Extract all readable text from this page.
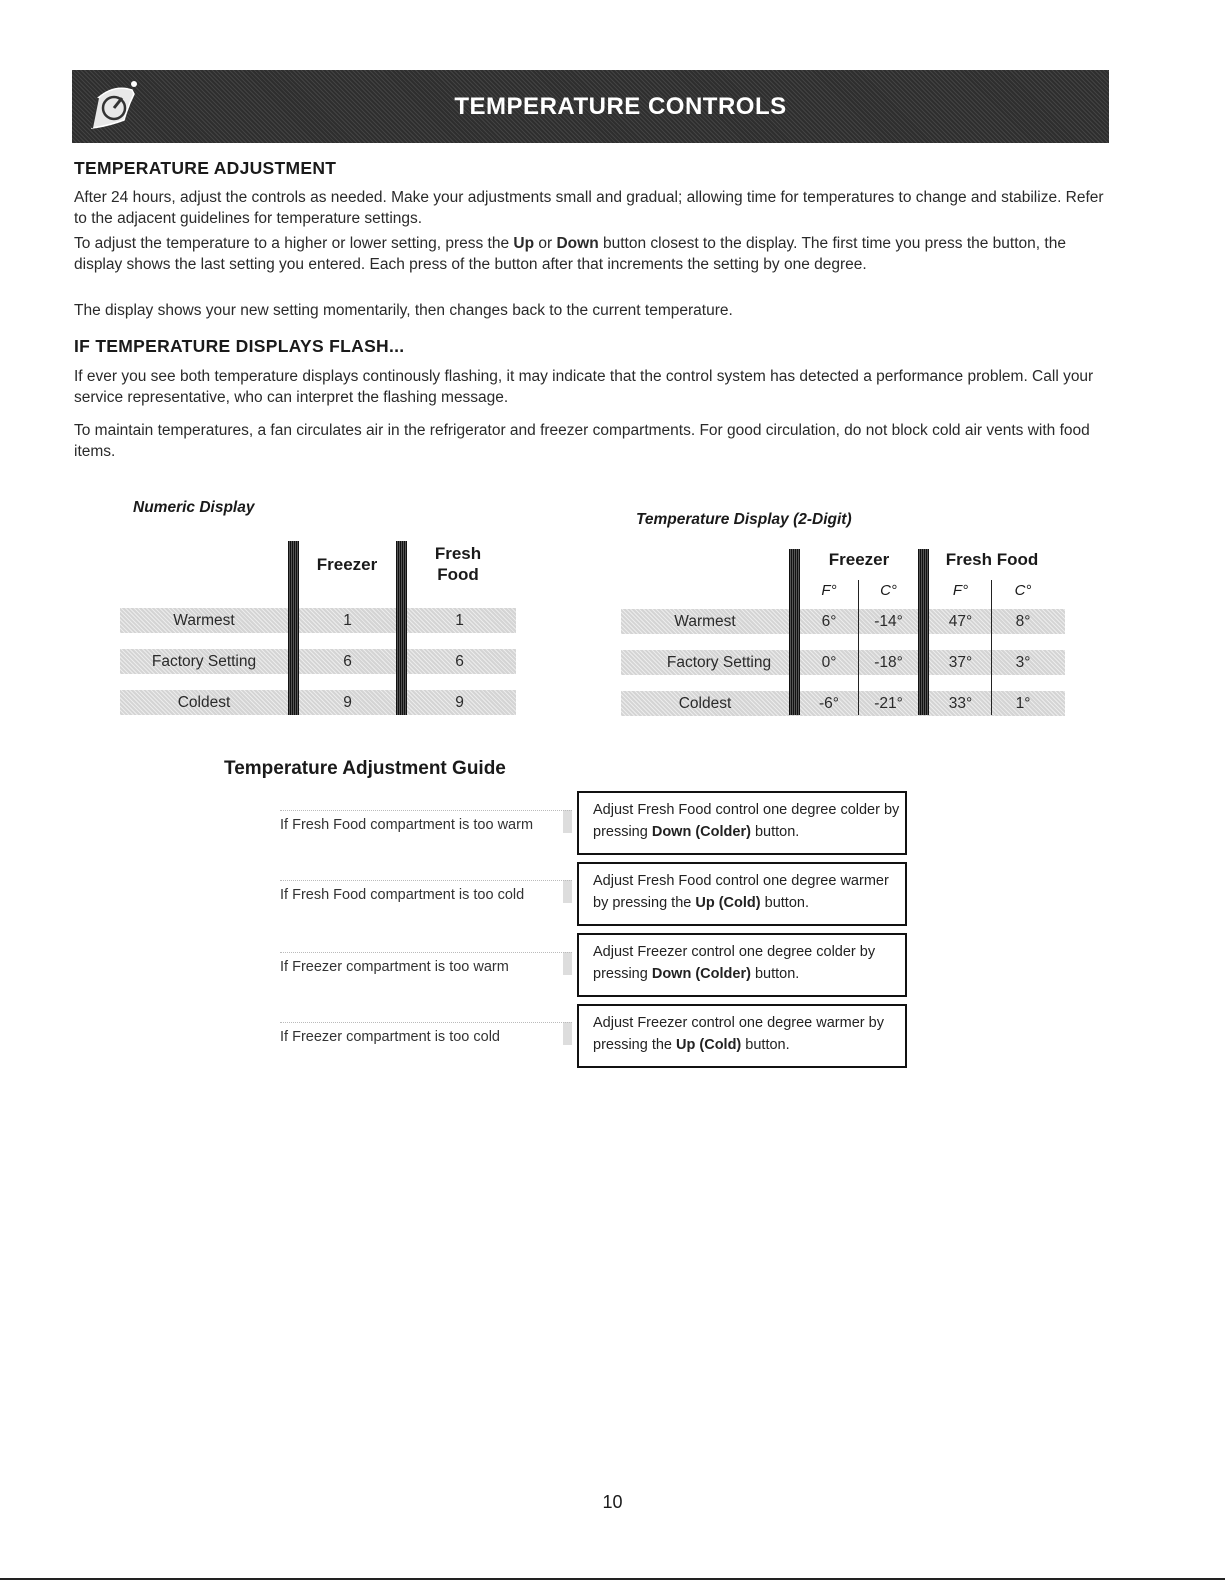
TEMPERATURE CONTROLS
TEMPERATURE ADJUSTMENT
After 24 hours, adjust the controls as needed. Make your adjustments small and gradual; allowing time for temperatures to change and stabilize. Refer to the adjacent guidelines for temperature settings.
To adjust the temperature to a higher or lower setting, press the Up or Down button closest to the display. The first time you press the button, the display shows the last setting you entered. Each press of the button after that increments the setting by one degree.
The display shows your new setting momentarily, then changes back to the current temperature.
IF TEMPERATURE DISPLAYS FLASH...
If ever you see both temperature displays continously flashing, it may indicate that the control system has detected a performance problem. Call your service representative, who can interpret the flashing message.
To maintain temperatures, a fan circulates air in the refrigerator and freezer compartments. For good circulation, do not block cold air vents with food items.
Numeric Display
Freezer
Fresh
Food
Warmest	1	1
Factory Setting	6	6
Coldest	9	9
Temperature Display (2-Digit)
Freezer	Fresh Food
F°	C°	F°	C°
Warmest	6°	-14°	47°	8°
Factory Setting	0°	-18°	37°	3°
Coldest	-6°	-21°	33°	1°
Temperature Adjustment Guide
If Fresh Food compartment is too warm
Adjust Fresh Food control one degree colder by pressing Down (Colder) button.
If Fresh Food compartment is too cold
Adjust Fresh Food control one degree warmer by pressing the Up (Cold) button.
If Freezer compartment is too warm
Adjust Freezer control one degree colder by pressing Down (Colder) button.
If Freezer compartment is too cold
Adjust Freezer control one degree warmer by pressing the Up (Cold) button.
10
